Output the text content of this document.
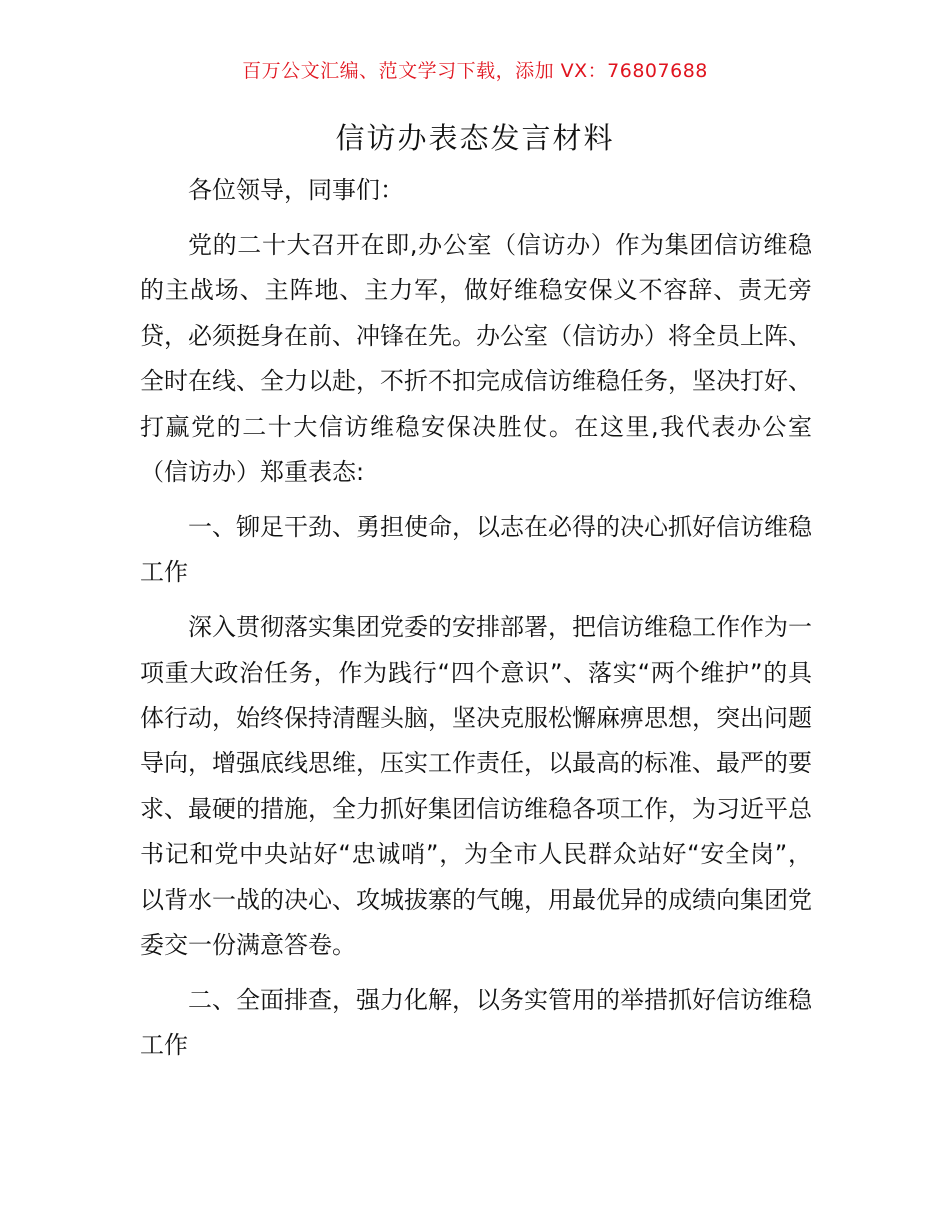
百万公文汇编、范文学习下载，添加 VX：76807688
信访办表态发言材料

各位领导，同事们：

党的二十大召开在即,办公室（信访办）作为集团信访维稳的主战场、主阵地、主力军，做好维稳安保义不容辞、责无旁贷，必须挺身在前、冲锋在先。办公室（信访办）将全员上阵、全时在线、全力以赴，不折不扣完成信访维稳任务，坚决打好、打赢党的二十大信访维稳安保决胜仗。在这里,我代表办公室（信访办）郑重表态:

一、铆足干劲、勇担使命，以志在必得的决心抓好信访维稳工作

深入贯彻落实集团党委的安排部署，把信访维稳工作作为一项重大政治任务，作为践行“四个意识”、落实“两个维护”的具体行动，始终保持清醒头脑，坚决克服松懈麻痹思想，突出问题导向，增强底线思维，压实工作责任，以最高的标准、最严的要求、最硬的措施，全力抓好集团信访维稳各项工作，为习近平总书记和党中央站好“忠诚哨”，为全市人民群众站好“安全岗”，以背水一战的决心、攻城拔寨的气魄，用最优异的成绩向集团党委交一份满意答卷。

二、全面排查，强力化解，以务实管用的举措抓好信访维稳工作
